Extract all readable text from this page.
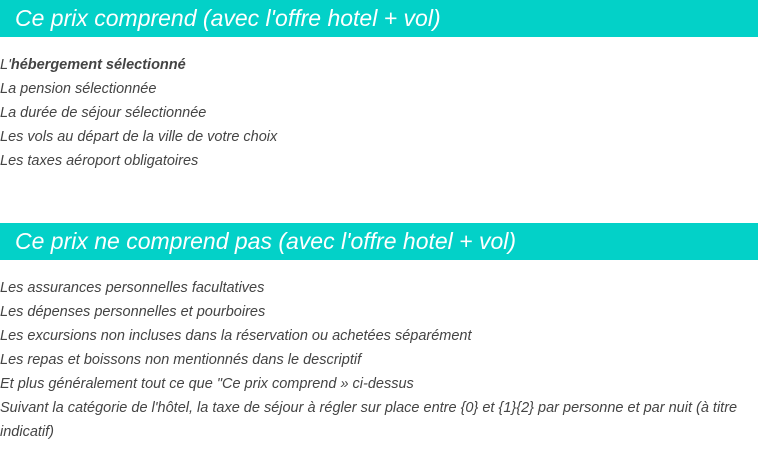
Ce prix comprend (avec l'offre hotel + vol)
L'hébergement sélectionné
La pension sélectionnée
La durée de séjour sélectionnée
Les vols au départ de la ville de votre choix
Les taxes aéroport obligatoires
Ce prix ne comprend pas (avec l'offre hotel + vol)
Les assurances personnelles facultatives
Les dépenses personnelles et pourboires
Les excursions non incluses dans la réservation ou achetées séparément
Les repas et boissons non mentionnés dans le descriptif
Et plus généralement tout ce que "Ce prix comprend » ci-dessus
Suivant la catégorie de l'hôtel, la taxe de séjour à régler sur place entre {0} et {1}{2} par personne et par nuit (à titre indicatif)
